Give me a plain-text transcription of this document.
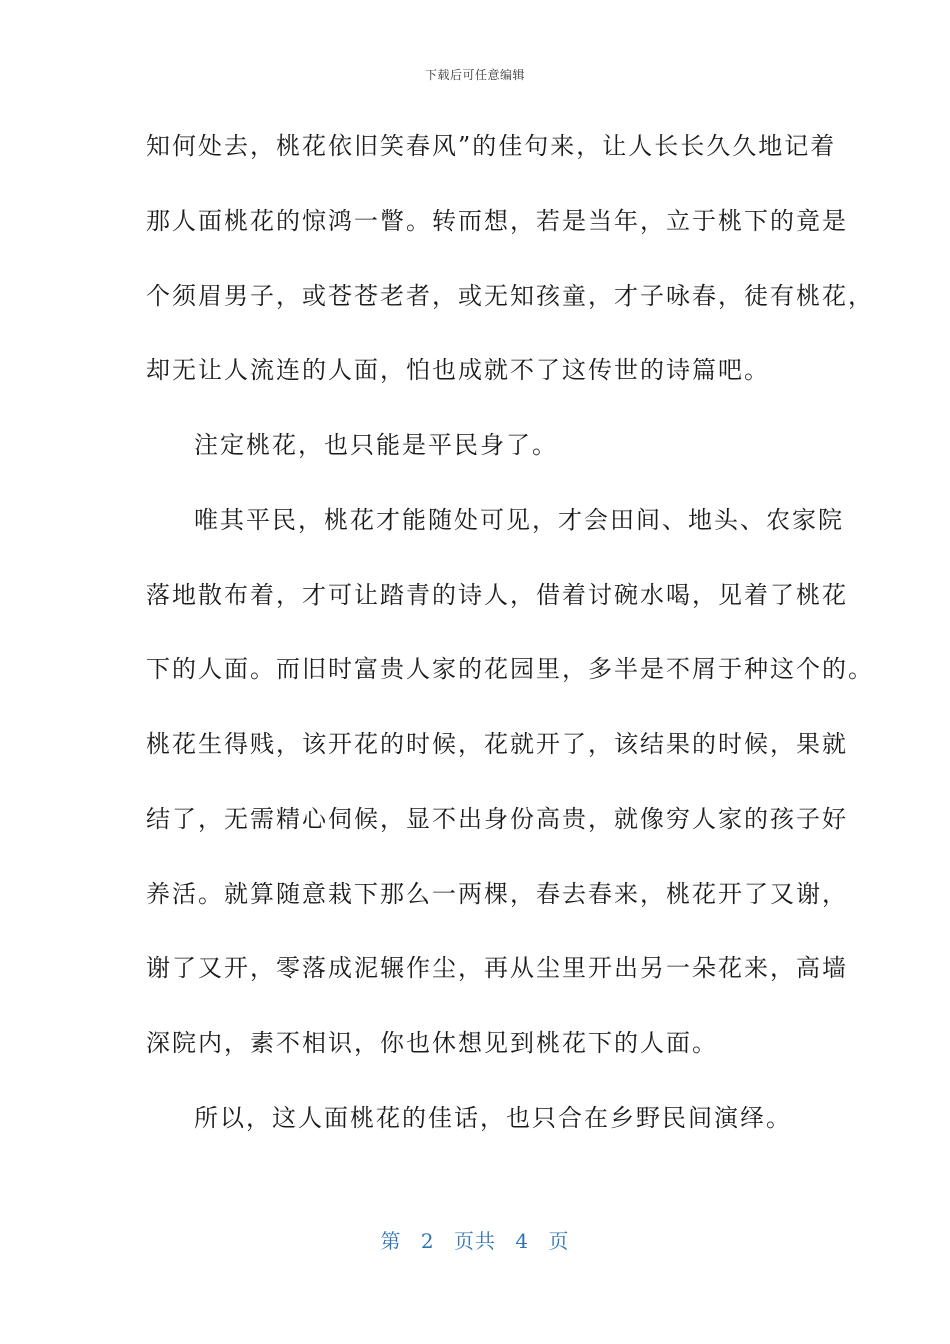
下载后可任意编辑
知何处去，桃花依旧笑春风”的佳句来，让人长长久久地记着
那人面桃花的惊鸿一瞥。转而想，若是当年，立于桃下的竟是
个须眉男子，或苍苍老者，或无知孩童，才子咏春，徒有桃花，
却无让人流连的人面，怕也成就不了这传世的诗篇吧。
注定桃花，也只能是平民身了。
唯其平民，桃花才能随处可见，才会田间、地头、农家院
落地散布着，才可让踏青的诗人，借着讨碗水喝，见着了桃花
下的人面。而旧时富贵人家的花园里，多半是不屑于种这个的。
桃花生得贱，该开花的时候，花就开了，该结果的时候，果就
结了，无需精心伺候，显不出身份高贵，就像穷人家的孩子好
养活。就算随意栽下那么一两棵，春去春来，桃花开了又谢，
谢了又开，零落成泥辗作尘，再从尘里开出另一朵花来，高墙
深院内，素不相识，你也休想见到桃花下的人面。
所以，这人面桃花的佳话，也只合在乡野民间演绎。
第 2 页共 4 页
